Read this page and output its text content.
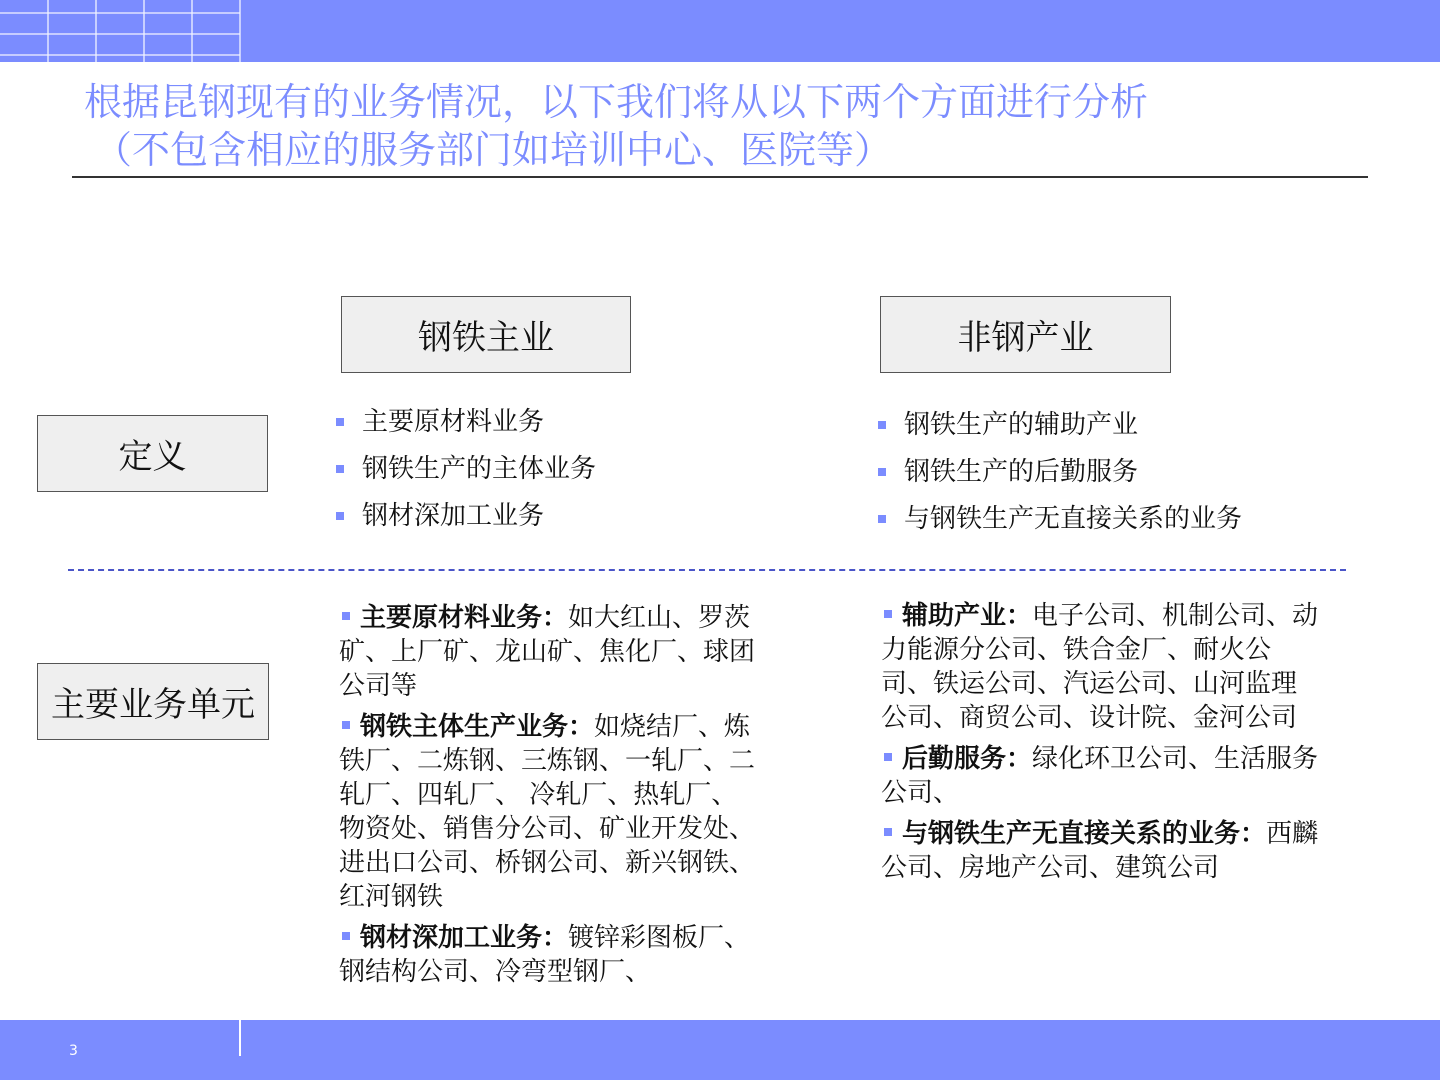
3
根据昆钢现有的业务情况，以下我们将从以下两个方面进行分析
（不包含相应的服务部门如培训中心、医院等）
钢铁主业	非钢产业
定义
主要业务单元
主要原材料业务
钢铁生产的主体业务
钢材深加工业务
钢铁生产的辅助产业
钢铁生产的后勤服务
与钢铁生产无直接关系的业务
主要原材料业务：如大红山、罗茨矿、上厂矿、龙山矿、焦化厂、球团公司等
钢铁主体生产业务：如烧结厂、炼铁厂、二炼钢、三炼钢、一轧厂、二轧厂、四轧厂、 冷轧厂、热轧厂、物资处、销售分公司、矿业开发处、进出口公司、桥钢公司、新兴钢铁、红河钢铁
钢材深加工业务：镀锌彩图板厂、钢结构公司、冷弯型钢厂、
辅助产业：电子公司、机制公司、动力能源分公司、铁合金厂、耐火公司、铁运公司、汽运公司、山河监理公司、商贸公司、设计院、金河公司
后勤服务：绿化环卫公司、生活服务公司、
与钢铁生产无直接关系的业务：西麟公司、房地产公司、建筑公司
